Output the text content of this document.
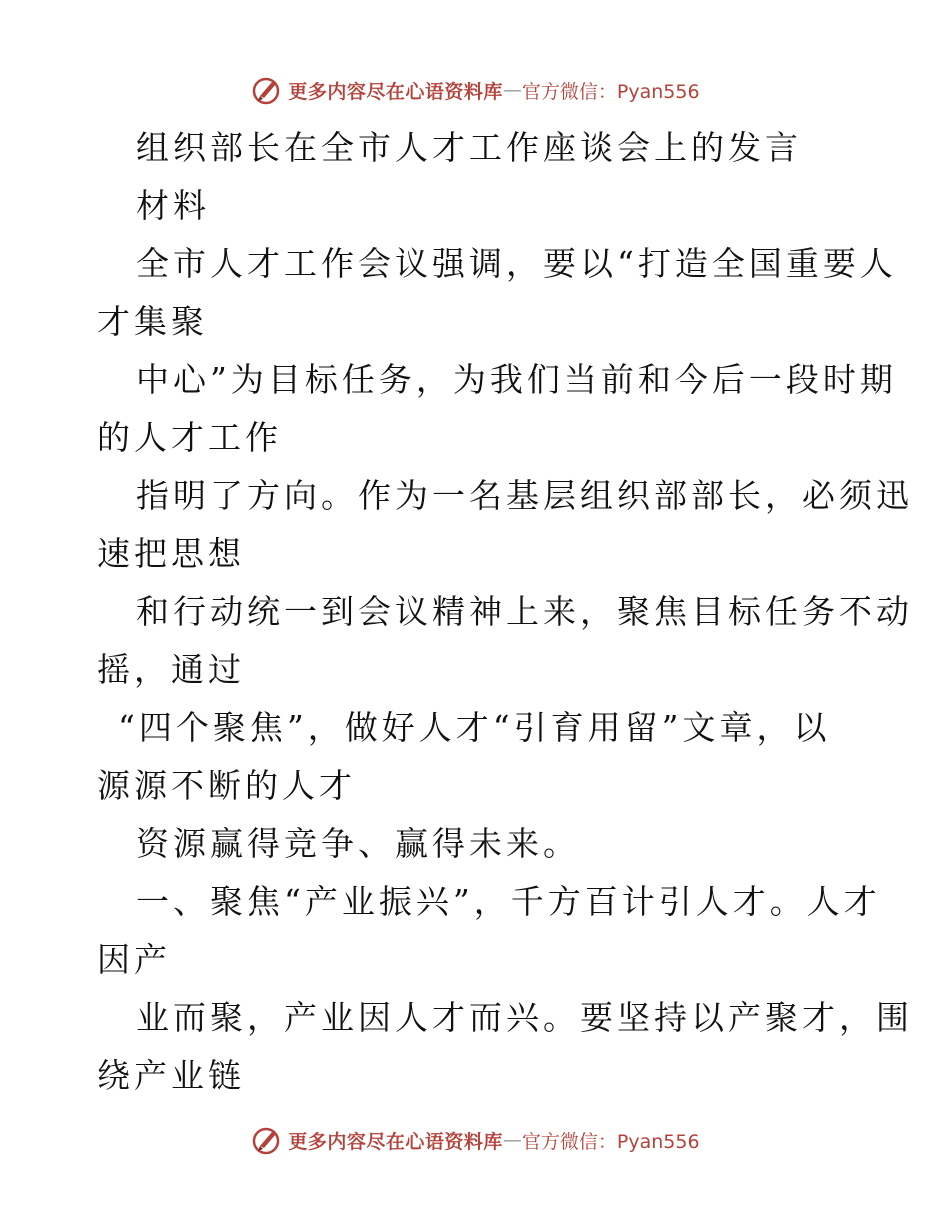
更多内容尽在心语资料库 — 官方微信：Pyan556
组织部长在全市人才工作座谈会上的发言
材料
全市人才工作会议强调，要以“打造全国重要人
才集聚
中心”为目标任务，为我们当前和今后一段时期
的人才工作
指明了方向。作为一名基层组织部部长，必须迅
速把思想
和行动统一到会议精神上来，聚焦目标任务不动
摇，通过
“四个聚焦”，做好人才“引育用留”文章，以
源源不断的人才
资源赢得竞争、赢得未来。
一、聚焦“产业振兴”，千方百计引人才。人才
因产
业而聚，产业因人才而兴。要坚持以产聚才，围
绕产业链
更多内容尽在心语资料库 — 官方微信：Pyan556
